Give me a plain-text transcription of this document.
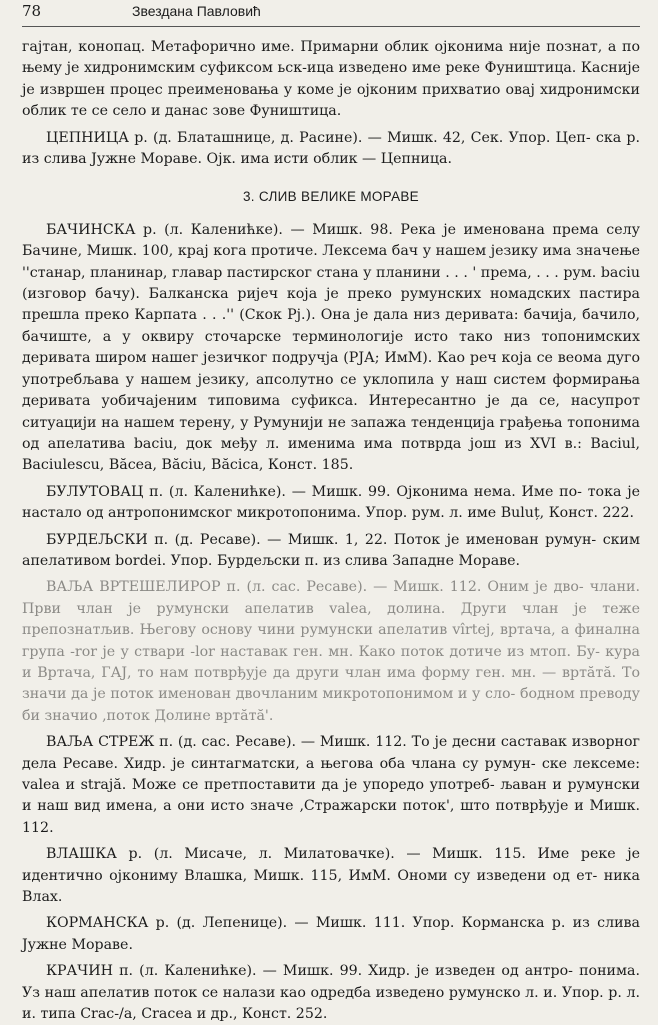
78	Звездана Павловић

гајтан, конопац. Метафорично име. Примарни облик ојконима није познат, а по њему је хидронимским суфиксом ьск-ица изведено име реке Фуништица. Касније је извршен процес преименовања у коме је ојконим прихватио овај хидронимски облик те се село и данас зове Фуништица.

ЦЕПНИЦА р. (д. Блаташнице, д. Расине). — Мишк. 42, Сек. Упор. Цеп- ска р. из слива Јужне Мораве. Ојк. има исти облик — Цепница.

3. СЛИВ ВЕЛИКЕ МОРАВЕ

БАЧИНСКА р. (л. Каленићке). — Мишк. 98. Река је именована према селу Бачине, Мишк. 100, крај кога протиче. Лексема бач у нашем језику има значење ''станар, планинар, главар пастирског стана у планини . . . ' према, . . . рум. baciu (изговор бачу). Балканска ријеч која је преко румунских номадских пастира прешла преко Карпата . . .'' (Скок Рј.). Она је дала низ деривата: бачија, бачило, бачиште, а у оквиру сточарске терминологије исто тако низ топонимских деривата широм нашег језичког подручја (РЈА; ИмМ). Као реч која се веома дуго употребљава у нашем језику, апсолутно се уклопила у наш систем формирања деривата уобичајеним типовима суфикса. Интересантно је да се, насупрот ситуацији на нашем терену, у Румунији не запажа тенденција грађења топонима од апелатива baciu, док међу л. именима има потврда још из XVI в.: Baciul, Baciulescu, Băcea, Băciu, Băcica, Конст. 185.

БУЛУТОВАЦ п. (л. Каленићке). — Мишк. 99. Ојконима нема. Име по- тока је настало од антропонимског микротопонима. Упор. рум. л. име Buluț, Конст. 222.

БУРДЕЉСКИ п. (д. Ресаве). — Мишк. 1, 22. Поток је именован румун- ским апелативом bordei. Упор. Бурдељски п. из слива Западне Мораве.

ВАЉА ВРТЕШЕЛИРОР п. (л. сас. Ресаве). — Мишк. 112. Оним је дво- члани. Први члан је румунски апелатив valea, долина. Други члан је теже препознатљив. Његову основу чини румунски апелатив vîrtej, вртача, а финална група -ror је у ствари -lor наставак ген. мн. Како поток дотиче из мтоп. Бу- кура и Вртача, ГАЈ, то нам потврђује да други члан има форму ген. мн. — вртăтă. То значи да је поток именован двочланим микротопонимом и у сло- бодном преводу би значио ‚поток Долине вртăтă'.

ВАЉА СТРЕЖ п. (д. сас. Ресаве). — Мишк. 112. То је десни саставак изворног дела Ресаве. Хидр. је синтагматски, а његова оба члана су румун- ске лексеме: valea и strajă. Може се претпоставити да је упоредо употреб- љаван и румунски и наш вид имена, а они исто значе ‚Стражарски поток', што потврђује и Мишк. 112.

ВЛАШКА р. (л. Мисаче, л. Милатовачке). — Мишк. 115. Име реке је идентично ојкониму Влашка, Мишк. 115, ИмМ. Ономи су изведени од ет- ника Влах.

КОРМАНСКА р. (д. Лепенице). — Мишк. 111. Упор. Корманска р. из слива Јужне Мораве.

КРАЧИН п. (л. Каленићке). — Мишк. 99. Хидр. је изведен од антро- понима. Уз наш апелатив поток се налази као одредба изведено румунско л. и. Упор. р. л. и. типа Crac-/a, Cracea и др., Конст. 252.
